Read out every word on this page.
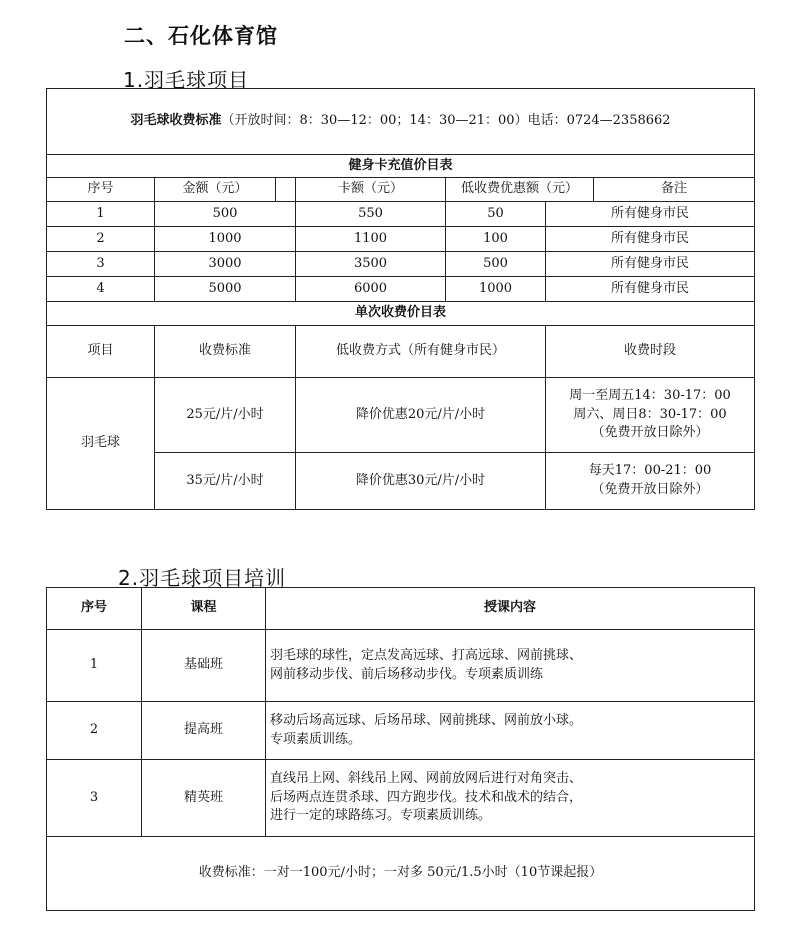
二、石化体育馆
1.羽毛球项目
羽毛球收费标准（开放时间：8：30—12：00；14：30—21：00）电话：0724—2358662						
健身卡充值价目表						
序号	金额（元）		卡额（元）	低收费优惠额（元）		备注
1	500		550	50	所有健身市民	
2	1000		1100	100	所有健身市民	
3	3000		3500	500	所有健身市民	
4	5000		6000	1000	所有健身市民	
单次收费价目表						
项目	收费标准		低收费方式（所有健身市民）		收费时段	
羽毛球	25元/片/小时		降价优惠20元/片/小时		周一至周五14：30-17：00
周六、周日8：30-17：00
（免费开放日除外）	

	35元/片/小时		降价优惠30元/片/小时		每天17：00-21：00
（免费开放日除外）	
2.羽毛球项目培训
序号	课程	授课内容
1	基础班	羽毛球的球性，定点发高远球、打高远球、网前挑球、
网前移动步伐、前后场移动步伐。专项素质训练

2	提高班	移动后场高远球、后场吊球、网前挑球、网前放小球。
专项素质训练。

3	精英班	直线吊上网、斜线吊上网、网前放网后进行对角突击、
后场两点连贯杀球、四方跑步伐。技术和战术的结合，
进行一定的球路练习。专项素质训练。

收费标准：一对一100元/小时；一对多 50元/1.5小时（10节课起报）		
